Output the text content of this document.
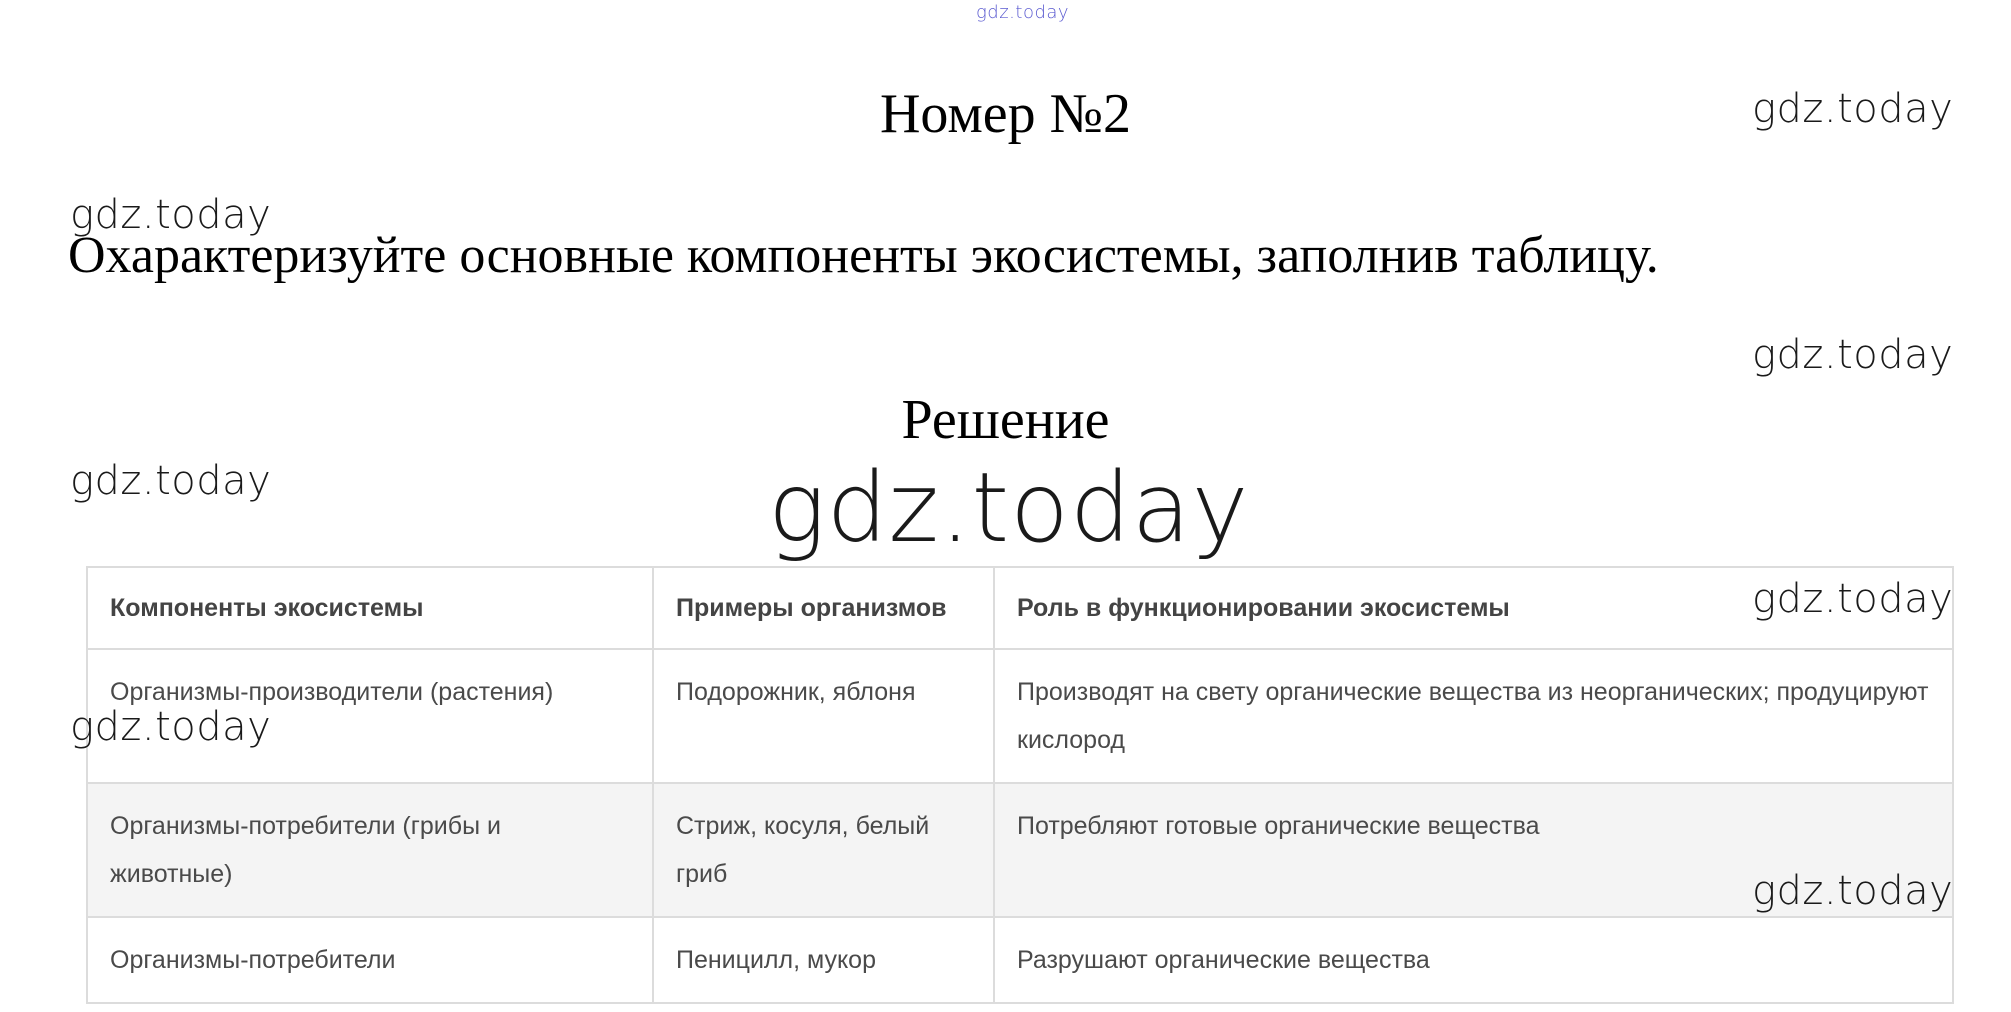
gdz.today
gdz.today
gdz.today
gdz.today
gdz.today	gdz.today
Номер №2
Охарактеризуйте основные компоненты экосистемы, заполнив таблицу.
Решение
Компоненты экосистемы	Примеры организмов	Роль в функционировании экосистемы
Организмы-производители (растения)	Подорожник, яблоня	Производят на свету органические вещества из неорганических; продуцируют кислород
Организмы-потребители (грибы и животные)	Стриж, косуля, белый гриб	Потребляют готовые органические вещества
Организмы-потребители	Пеницилл, мукор	Разрушают органические вещества
gdz.today
gdz.today
gdz.today
